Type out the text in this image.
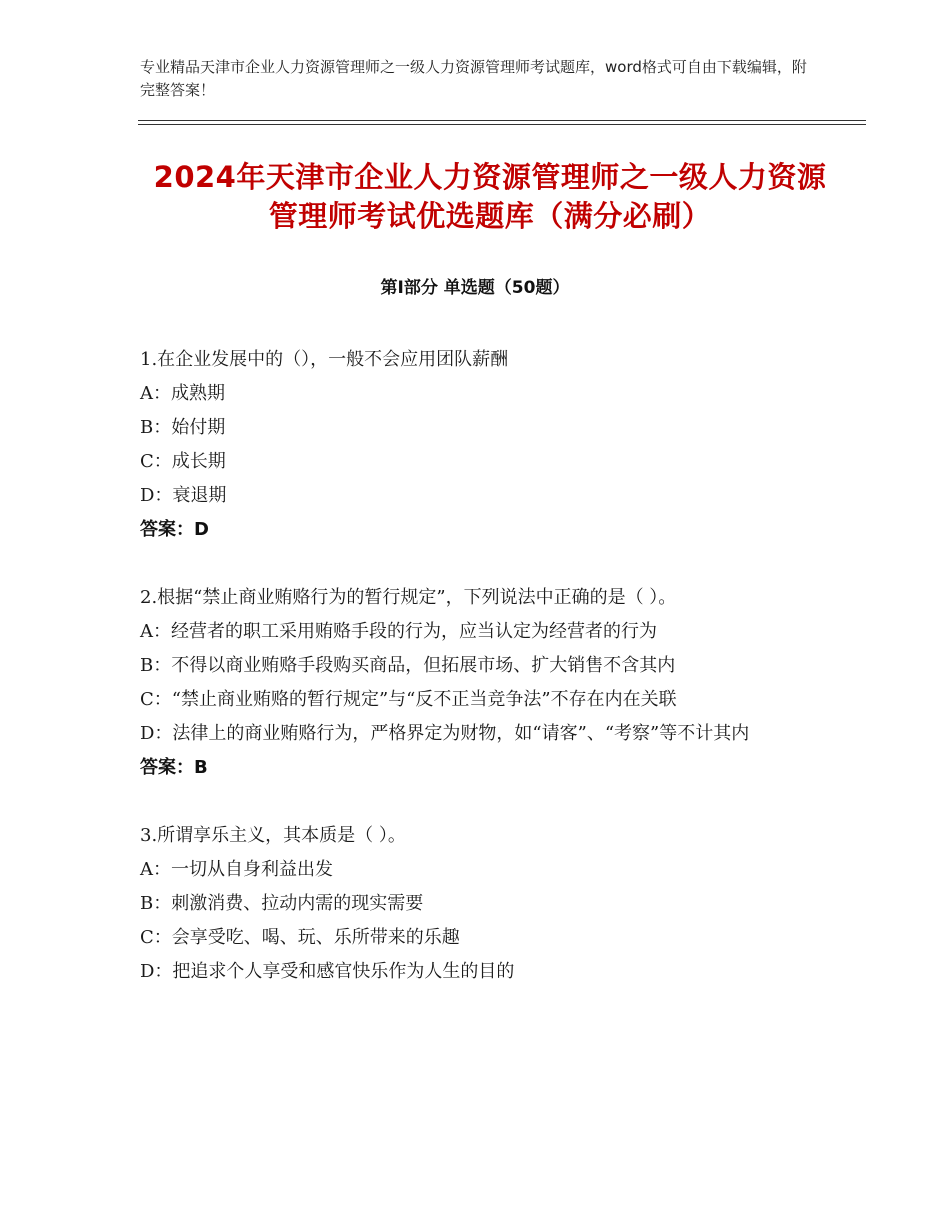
专业精品天津市企业人力资源管理师之一级人力资源管理师考试题库，word格式可自由下载编辑，附完整答案！
2024年天津市企业人力资源管理师之一级人力资源管理师考试优选题库（满分必刷）
第Ⅰ部分 单选题（50题）
1.在企业发展中的（），一般不会应用团队薪酬
A：成熟期
B：始付期
C：成长期
D：衰退期
答案：D
2.根据“禁止商业贿赂行为的暂行规定”，下列说法中正确的是（ ）。
A：经营者的职工采用贿赂手段的行为，应当认定为经营者的行为
B：不得以商业贿赂手段购买商品，但拓展市场、扩大销售不含其内
C：“禁止商业贿赂的暂行规定”与“反不正当竞争法”不存在内在关联
D：法律上的商业贿赂行为，严格界定为财物，如“请客”、“考察”等不计其内
答案：B
3.所谓享乐主义，其本质是（ ）。
A：一切从自身利益出发
B：刺激消费、拉动内需的现实需要
C：会享受吃、喝、玩、乐所带来的乐趣
D：把追求个人享受和感官快乐作为人生的目的
